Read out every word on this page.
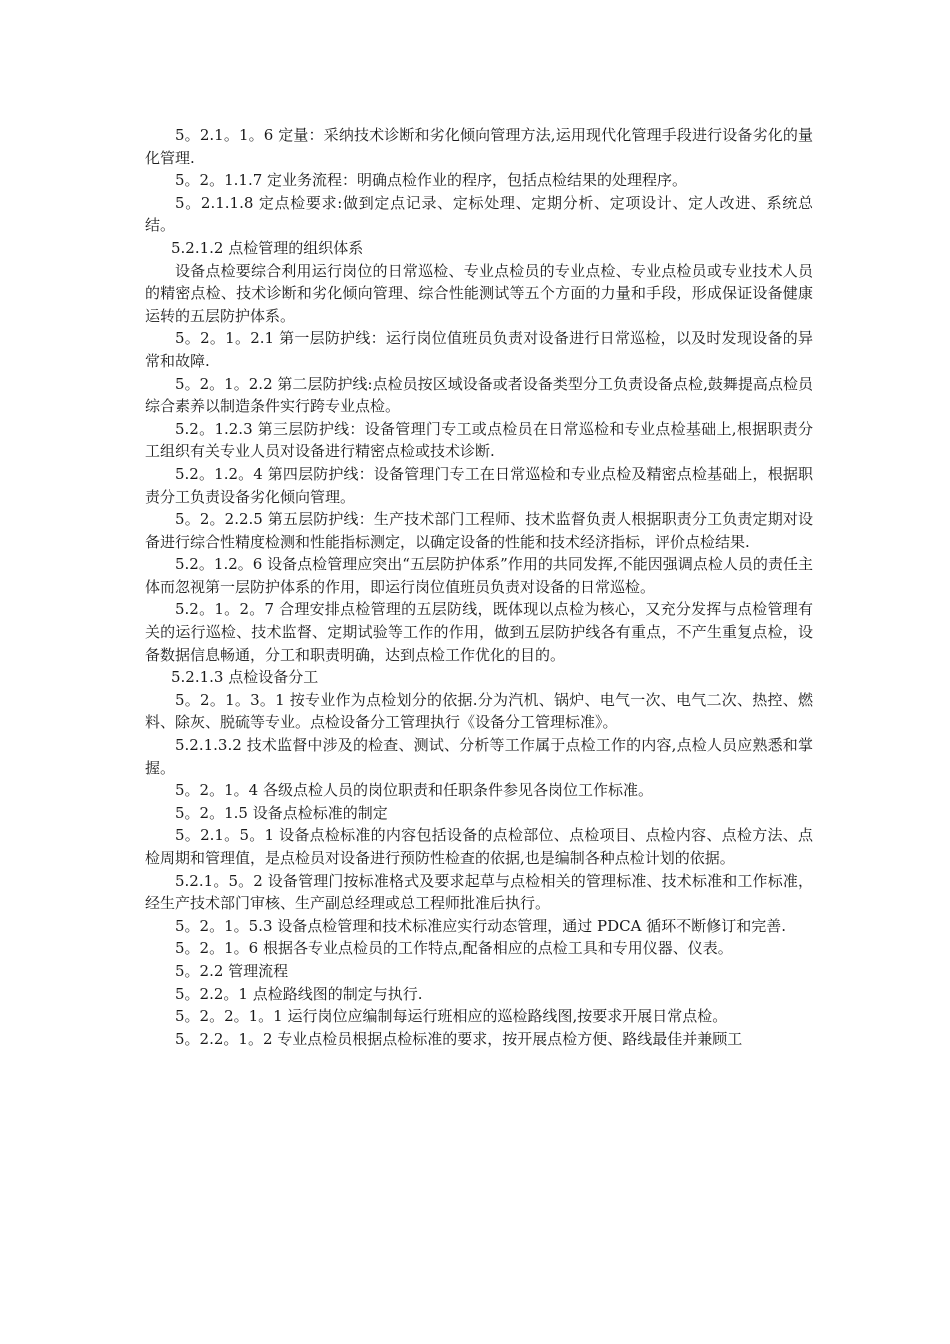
5。2.1。1。6 定量：采纳技术诊断和劣化倾向管理方法,运用现代化管理手段进行设备劣化的量化管理.

5。2。1.1.7 定业务流程：明确点检作业的程序，包括点检结果的处理程序。

5。2.1.1.8 定点检要求:做到定点记录、定标处理、定期分析、定项设计、定人改进、系统总结。

5.2.1.2 点检管理的组织体系

设备点检要综合利用运行岗位的日常巡检、专业点检员的专业点检、专业点检员或专业技术人员的精密点检、技术诊断和劣化倾向管理、综合性能测试等五个方面的力量和手段，形成保证设备健康运转的五层防护体系。

5。2。1。2.1 第一层防护线：运行岗位值班员负责对设备进行日常巡检，以及时发现设备的异常和故障.

5。2。1。2.2 第二层防护线:点检员按区域设备或者设备类型分工负责设备点检,鼓舞提高点检员综合素养以制造条件实行跨专业点检。

5.2。1.2.3 第三层防护线：设备管理门专工或点检员在日常巡检和专业点检基础上,根据职责分工组织有关专业人员对设备进行精密点检或技术诊断.

5.2。1.2。4 第四层防护线：设备管理门专工在日常巡检和专业点检及精密点检基础上，根据职责分工负责设备劣化倾向管理。

5。2。2.2.5 第五层防护线：生产技术部门工程师、技术监督负责人根据职责分工负责定期对设备进行综合性精度检测和性能指标测定，以确定设备的性能和技术经济指标，评价点检结果.

5.2。1.2。6 设备点检管理应突出“五层防护体系”作用的共同发挥,不能因强调点检人员的责任主体而忽视第一层防护体系的作用，即运行岗位值班员负责对设备的日常巡检。

5.2。1。2。7 合理安排点检管理的五层防线，既体现以点检为核心，又充分发挥与点检管理有关的运行巡检、技术监督、定期试验等工作的作用，做到五层防护线各有重点，不产生重复点检，设备数据信息畅通，分工和职责明确，达到点检工作优化的目的。

5.2.1.3 点检设备分工

5。2。1。3。1 按专业作为点检划分的依据.分为汽机、锅炉、电气一次、电气二次、热控、燃料、除灰、脱硫等专业。点检设备分工管理执行《设备分工管理标准》。

5.2.1.3.2 技术监督中涉及的检查、测试、分析等工作属于点检工作的内容,点检人员应熟悉和掌握。

5。2。1。4 各级点检人员的岗位职责和任职条件参见各岗位工作标准。

5。2。1.5 设备点检标准的制定

5。2.1。5。1 设备点检标准的内容包括设备的点检部位、点检项目、点检内容、点检方法、点检周期和管理值，是点检员对设备进行预防性检查的依据,也是编制各种点检计划的依据。

5.2.1。5。2 设备管理门按标准格式及要求起草与点检相关的管理标准、技术标准和工作标准，经生产技术部门审核、生产副总经理或总工程师批准后执行。

5。2。1。5.3 设备点检管理和技术标准应实行动态管理，通过 PDCA 循环不断修订和完善.

5。2。1。6 根据各专业点检员的工作特点,配备相应的点检工具和专用仪器、仪表。

5。2.2 管理流程

5。2.2。1 点检路线图的制定与执行.

5。2。2。1。1 运行岗位应编制每运行班相应的巡检路线图,按要求开展日常点检。

5。2.2。1。2 专业点检员根据点检标准的要求，按开展点检方便、路线最佳并兼顾工
